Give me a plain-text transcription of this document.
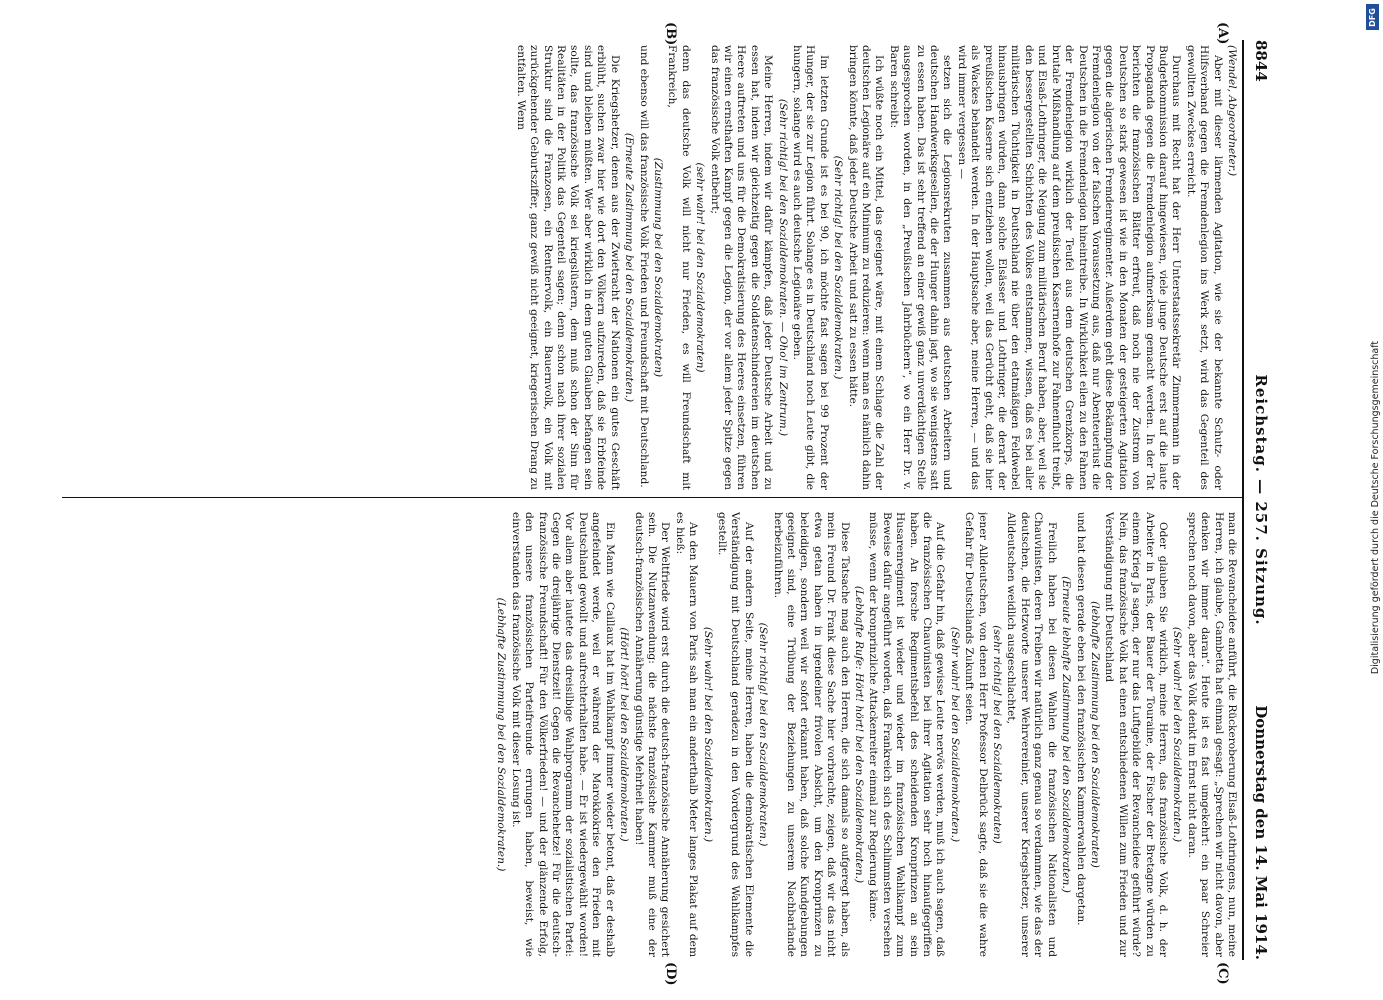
8844
Reichstag. — 257. Sitzung.
Donnerstag den 14. Mai 1914.
(A)
(B)
(C)
(D)

(Wendel, Abgeordneter.)

Aber mit dieser lärmenden Agitation, wie sie der bekannte Schutz- oder Hilfsverband gegen die Fremdenlegion ins Werk setzt, wird das Gegenteil des gewollten Zweckes erreicht.

Durchaus mit Recht hat der Herr Unterstaatssekretär Zimmermann in der Budgetkommission darauf hingewiesen, viele junge Deutsche erst auf die laute Propaganda gegen die Fremdenlegion aufmerksam gemacht werden. In der Tat berichten die französischen Blätter erfreut, daß noch nie der Zustrom von Deutschen so stark gewesen ist wie in den Monaten der gesteigerten Agitation gegen die algerischen Fremdenregimenter. Außerdem geht diese Bekämpfung der Fremdenlegion von der falschen Voraussetzung aus, daß nur Abenteuerlust die Deutschen in die Fremdenlegion hineintreibe. In Wirklichkeit eilen zu den Fahnen der Fremdenlegion wirklich der Teufel aus dem deutschen Grenzkorps, die brutale Mißhandlung auf dem preußischen Kasernenhofe zur Fahnenflucht treibt, und Elsaß-Lothringer, die Neigung zum militärischen Beruf haben, aber, weil sie den bessergestellten Schichten des Volkes entstammen, wissen, daß es bei aller militärischen Tüchtigkeit in Deutschland nie über den etatmäßigen Feldwebel hinausbringen würden, dann solche Elsässer und Lothringer, die derart der preußischen Kaserne sich entziehen wollen, weil das Gerücht geht, daß sie hier als Wackes behandelt werden. In der Hauptsache aber, meine Herren, — und das wird immer vergessen —

setzen sich die Legionsrekruten zusammen aus deutschen Arbeitern und deutschen Handwerksgesellen, die der Hunger dahin jagt, wo sie wenigstens satt zu essen haben. Das ist sehr treffend an einer gewiß ganz unverdächtigen Stelle ausgesprochen worden, in den „Preußischen Jahrbüchern“, wo ein Herr Dr. v. Baren schreibt:

Ich wüßte noch ein Mittel, das geeignet wäre, mit einem Schlage die Zahl der deutschen Legionäre auf ein Minimum zu reduzieren: wenn man es nämlich dahin bringen könnte, daß jeder Deutsche Arbeit und satt zu essen hätte.

(Sehr richtig! bei den Sozialdemokraten.)

Im letzten Grunde ist es bei 90, ich möchte fast sagen bei 99 Prozent der Hunger, der sie zur Legion führt. Solange es in Deutschland noch Leute gibt, die hungern, solange wird es auch deutsche Legionäre geben.

(Sehr richtig! bei den Sozialdemokraten. — Oho! im Zentrum.)

Meine Herren, indem wir dafür kämpfen, daß jeder Deutsche Arbeit und zu essen hat, indem wir gleichzeitig gegen die Soldatenschindereien im deutschen Heere auftreten und uns für die Demokratisierung des Heeres einsetzen, führen wir einen ernsthaften Kampf gegen die Legion, der vor allem jeder Spitze gegen das französische Volk entbehrt;

(sehr wahr! bei den Sozialdemokraten)

denn das deutsche Volk will nicht nur Frieden, es will Freundschaft mit Frankreich,

(Zustimmung bei den Sozialdemokraten)

und ebenso will das französische Volk Frieden und Freundschaft mit Deutschland.

(Erneute Zustimmung bei den Sozialdemokraten.)

Die Kriegshetzer, denen aus der Zwietracht der Nationen ein gutes Geschäft erblüht, suchen zwar hier wie dort den Völkern aufzureden, daß sie Erbfeinde sind und bleiben müßten. Wer aber wirklich in dem guten Glauben befangen sein sollte, das französische Volk sei kriegslüstern, dem muß schon der Sinn für Realitäten in der Politik das Gegenteil sagen; denn schon nach ihrer sozialen Struktur sind die Franzosen, ein Rentnervolk, ein Bauernvolk, ein Volk mit zurückgehender Geburtsziffer, ganz gewiß nicht geeignet, kriegerischen Drang zu entfalten. Wenn

man die Revancheidee anführt, die Rückeroberung Elsaß-Lothringens, nun, meine Herren, ich glaube, Gambetta hat einmal gesagt: „Sprechen wir nicht davon, aber denken wir immer daran“. Heute ist es fast umgekehrt: ein paar Schreier sprechen noch davon, aber das Volk denkt im Ernst nicht daran.

(Sehr wahr! bei den Sozialdemokraten.)

Oder glauben Sie wirklich, meine Herren, das französische Volk, d. h. der Arbeiter in Paris, der Bauer der Touraine, der Fischer der Bretagne würden zu einem Krieg Ja sagen, der nur das Luftgebilde der Revancheidee geführt würde? Nein, das französische Volk hat einen entschiedenen Willen zum Frieden und zur Verständigung mit Deutschland

(lebhafte Zustimmung bei den Sozialdemokraten)

und hat diesen gerade eben bei den französischen Kammerwahlen dargetan.

(Erneute lebhafte Zustimmung bei den Sozialdemokraten.)

Freilich haben bei diesen Wahlen die französischen Nationalisten und Chauvinisten, deren Treiben wir natürlich ganz genau so verdammen, wie das der deutschen, die Hetzworte unserer Wehrvereinler, unserer Kriegshetzer, unserer Alldeutschen weidlich ausgeschlachtet,

(sehr richtig! bei den Sozialdemokraten)

jener Alldeutschen, von denen Herr Professor Delbrück sagte, daß sie die wahre Gefahr für Deutschlands Zukunft seien.

(Sehr wahr! bei den Sozialdemokraten.)

Auf die Gefahr hin, daß gewisse Leute nervös werden, muß ich auch sagen, daß die französischen Chauvinisten bei ihrer Agitation sehr hoch hinaufgegriffen haben. An forsche Regimentsbefehl des scheidenden Kronprinzen an sein Husarenregiment ist wieder und wieder im französischen Wahlkampf zum Beweise dafür angeführt worden, daß Frankreich sich des Schlimmsten versehen müsse, wenn der kronprinzliche Attackenreiter einmal zur Regierung käme.

(Lebhafte Rufe: Hört! hört! bei den Sozialdemokraten.)

Diese Tatsache mag auch den Herren, die sich damals so aufgeregt haben, als mein Freund Dr. Frank diese Sache hier vorbrachte, zeigen, daß wir das nicht etwa getan haben in irgendeiner frivolen Absicht, um den Kronprinzen zu beleidigen, sondern weil wir sofort erkannt haben, daß solche Kundgebungen geeignet sind, eine Trübung der Beziehungen zu unserem Nachbarlande herbeizuführen.

(Sehr richtig! bei den Sozialdemokraten.)

Auf der andern Seite, meine Herren, haben die demokratischen Elemente die Verständigung mit Deutschland geradezu in den Vordergrund des Wahlkampfes gestellt.

(Sehr wahr! bei den Sozialdemokraten.)

An den Mauern von Paris sah man ein anderthalb Meter langes Plakat auf dem es hieß:

Der Weltfriede wird erst durch die deutsch-französische Annäherung gesichert sein. Die Nutzanwendung: die nächste französische Kammer muß eine der deutsch-französischen Annäherung günstige Mehrheit haben!

(Hört! hört! bei den Sozialdemokraten.)

Ein Mann wie Caillaux hat im Wahlkampf immer wieder betont, daß er deshalb angefeindet werde, weil er während der Marokkokrise den Frieden mit Deutschland gewollt und aufrechterhalten habe. — Er ist wiedergewählt worden! Vor allem aber lautete das dreisilbige Wahlprogramm der sozialistischen Partei: Gegen die dreijährige Dienstzeit! Gegen die Revanchehetze! Für die deutsch-französische Freundschaft! Für den Völkerfrieden! — und der glänzende Erfolg, den unsere französischen Parteifreunde errungen haben, beweist, wie einverstanden das französische Volk mit dieser Losung ist.

(Lebhafte Zustimmung bei den Sozialdemokraten.)

Digitalisierung gefördert durch die Deutsche Forschungsgemeinschaft
DFG
